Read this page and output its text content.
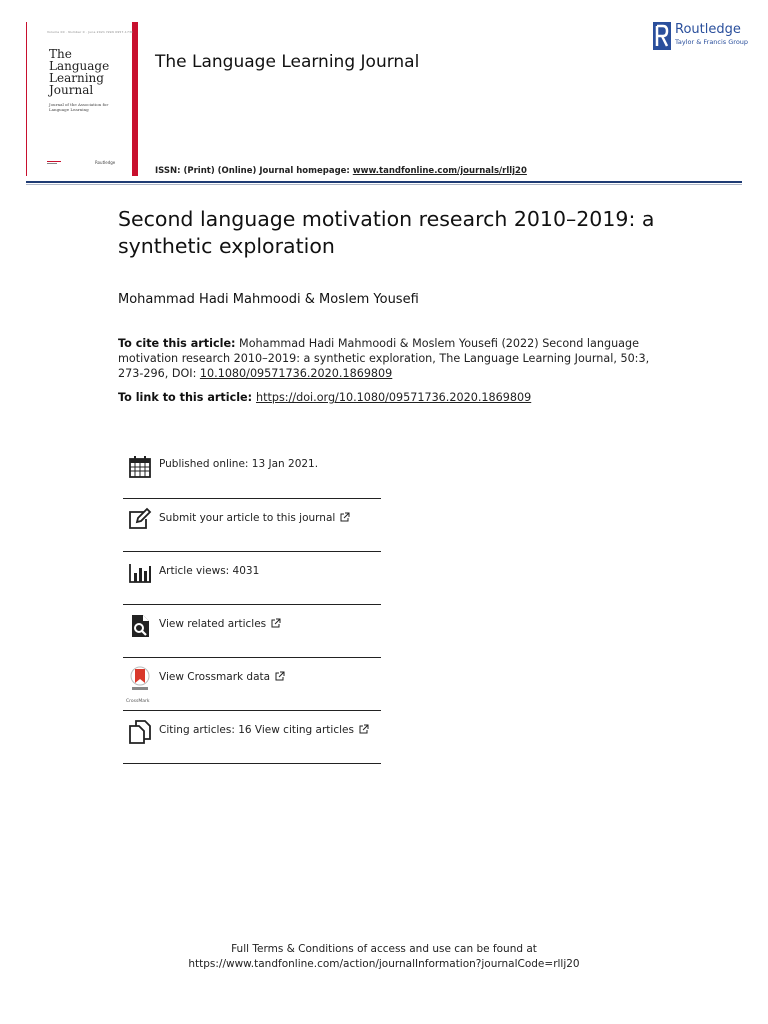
Volume 00 · Number 0 · June 2021 ISSN 0957-1736
The
Language
Learning
Journal
Journal of the Association for Language Learning
Routledge
The Language Learning Journal
Routledge
Taylor & Francis Group
ISSN: (Print) (Online) Journal homepage: www.tandfonline.com/journals/rllj20
Second language motivation research 2010–2019: a synthetic exploration
Mohammad Hadi Mahmoodi & Moslem Yousefi
To cite this article: Mohammad Hadi Mahmoodi & Moslem Yousefi (2022) Second language motivation research 2010–2019: a synthetic exploration, The Language Learning Journal, 50:3, 273-296, DOI: 10.1080/09571736.2020.1869809
To link to this article: https://doi.org/10.1080/09571736.2020.1869809
Published online: 13 Jan 2021.
Submit your article to this journal
Article views: 4031
View related articles
View Crossmark data
CrossMark
Citing articles: 16 View citing articles
Full Terms & Conditions of access and use can be found at
https://www.tandfonline.com/action/journalInformation?journalCode=rllj20
